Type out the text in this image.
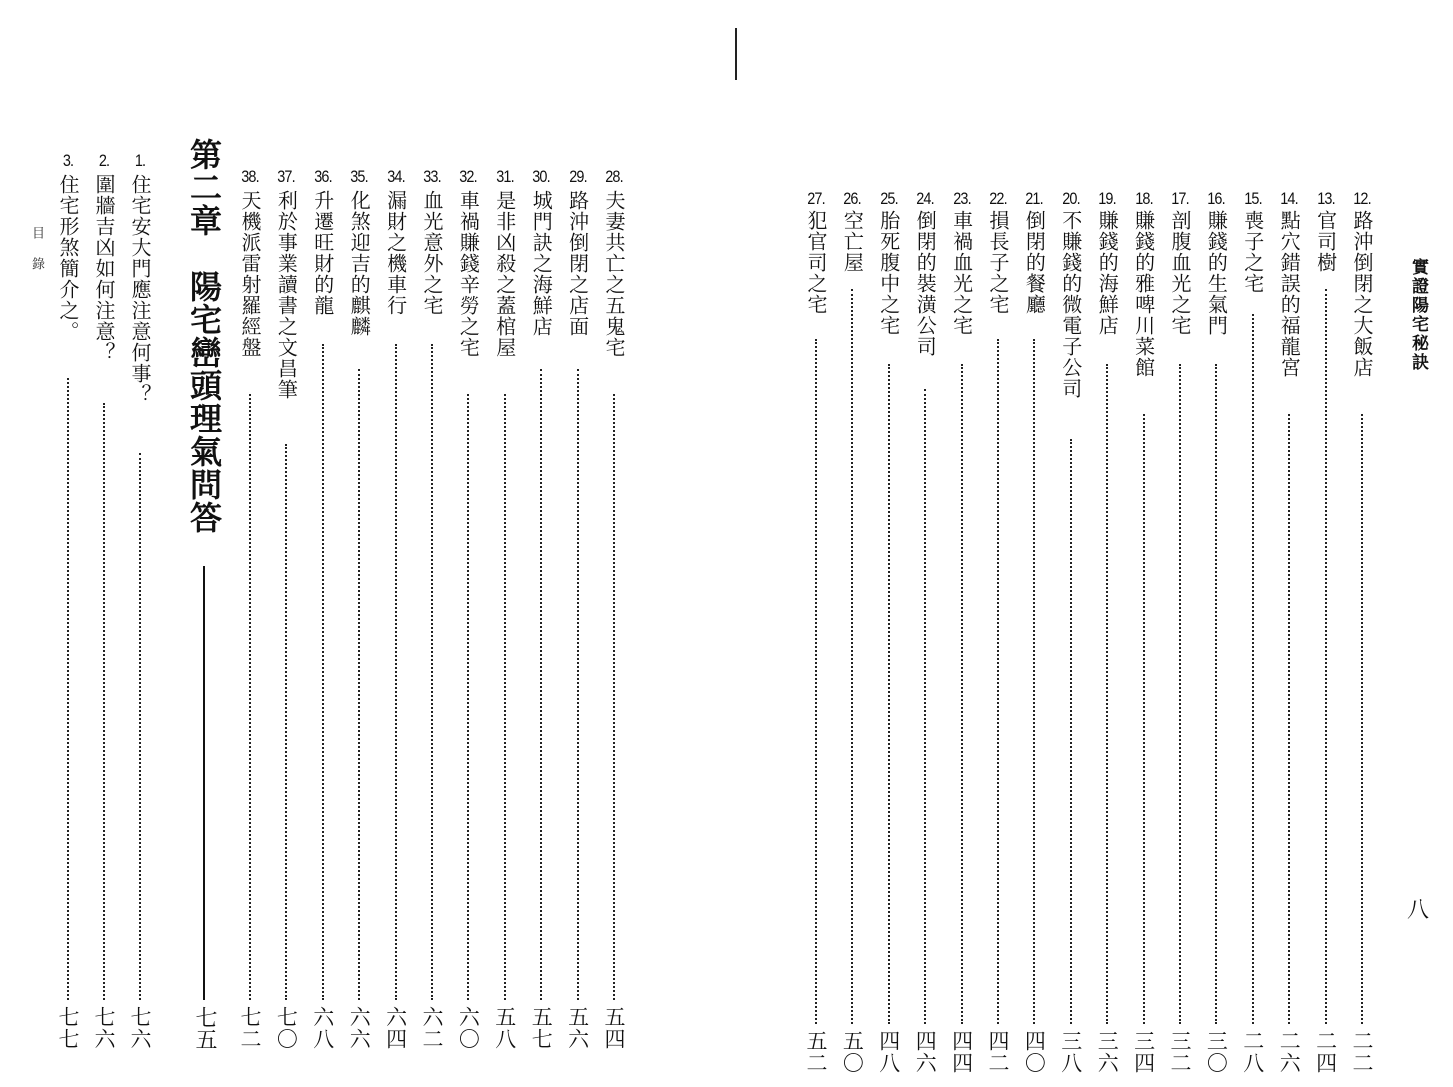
實證陽宅秘訣
八
目錄	第二章　陽宅巒頭理氣問答
七五
12.
路沖倒閉之大飯店
二二
13.
官司樹
二四
14.
點穴錯誤的福龍宮
二六
15.
喪子之宅
二八
16.
賺錢的生氣門
三〇
17.
剖腹血光之宅
三二
18.
賺錢的雅啤川菜館
三四
19.
賺錢的海鮮店
三六
20.
不賺錢的微電子公司
三八
21.
倒閉的餐廳
四〇
22.
損長子之宅
四二
23.
車禍血光之宅
四四
24.
倒閉的裝潢公司
四六
25.
胎死腹中之宅
四八
26.
空亡屋
五〇
27.
犯官司之宅
五二
28.
夫妻共亡之五鬼宅
五四
29.
路沖倒閉之店面
五六
30.
城門訣之海鮮店
五七
31.
是非凶殺之蓋棺屋
五八
32.
車禍賺錢辛勞之宅
六〇
33.
血光意外之宅
六二
34.
漏財之機車行
六四
35.
化煞迎吉的麒麟
六六
36.
升遷旺財的龍
六八
37.
利於事業讀書之文昌筆
七〇
38.
天機派雷射羅經盤
七二
1.
住宅安大門應注意何事？
七六
2.
圍牆吉凶如何注意？
七六
3.
住宅形煞簡介之。
七七
